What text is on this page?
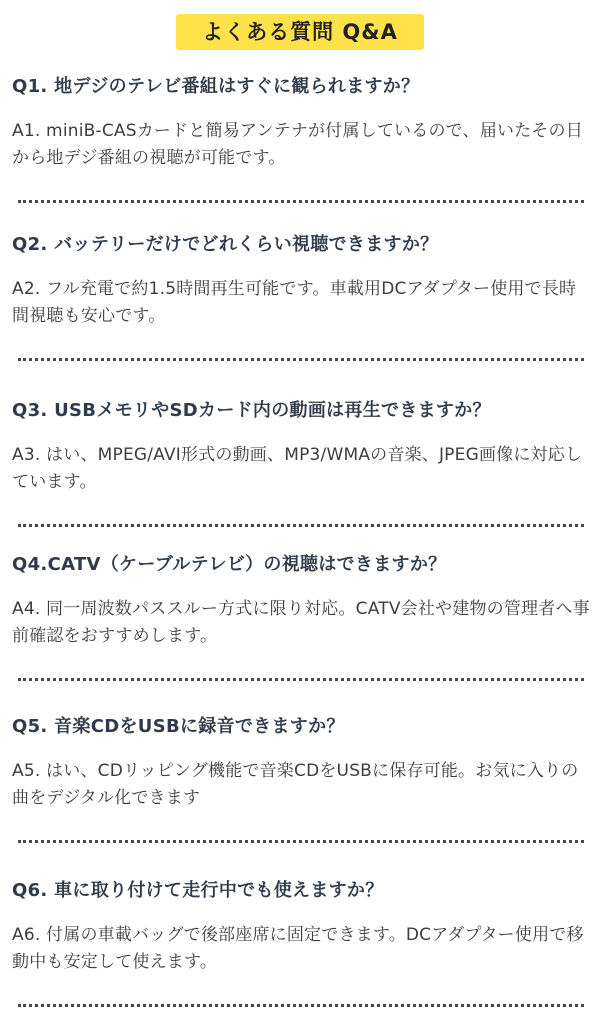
よくある質問 Q&A
Q1. 地デジのテレビ番組はすぐに観られますか？
A1. miniB-CASカードと簡易アンテナが付属しているので、届いたその日から地デジ番組の視聴が可能です。
Q2. バッテリーだけでどれくらい視聴できますか？
A2. フル充電で約1.5時間再生可能です。車載用DCアダプター使用で長時間視聴も安心です。
Q3. USBメモリやSDカード内の動画は再生できますか？
A3. はい、MPEG/AVI形式の動画、MP3/WMAの音楽、JPEG画像に対応しています。
Q4.CATV（ケーブルテレビ）の視聴はできますか？
A4. 同一周波数パススルー方式に限り対応。CATV会社や建物の管理者へ事前確認をおすすめします。
Q5. 音楽CDをUSBに録音できますか？
A5. はい、CDリッピング機能で音楽CDをUSBに保存可能。お気に入りの曲をデジタル化できます
Q6. 車に取り付けて走行中でも使えますか？
A6. 付属の車載バッグで後部座席に固定できます。DCアダプター使用で移動中も安定して使えます。
